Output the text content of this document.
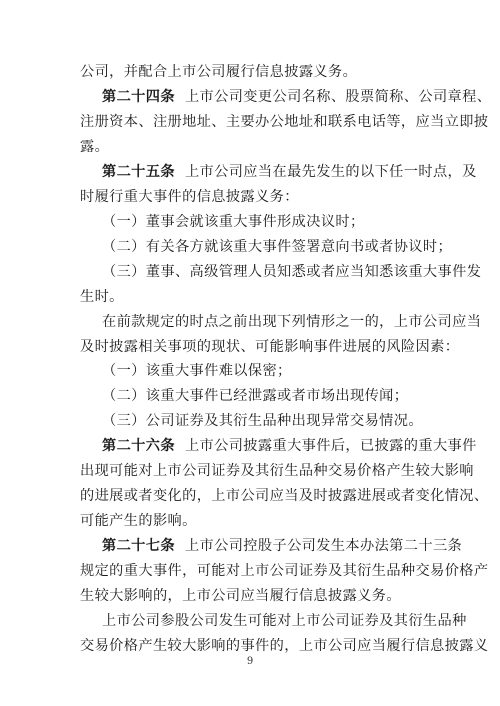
公司，并配合上市公司履行信息披露义务。
第二十四条 上市公司变更公司名称、股票简称、公司章程、
注册资本、注册地址、主要办公地址和联系电话等，应当立即披
露。
第二十五条 上市公司应当在最先发生的以下任一时点，及
时履行重大事件的信息披露义务：
（一）董事会就该重大事件形成决议时；
（二）有关各方就该重大事件签署意向书或者协议时；
（三）董事、高级管理人员知悉或者应当知悉该重大事件发
生时。
在前款规定的时点之前出现下列情形之一的，上市公司应当
及时披露相关事项的现状、可能影响事件进展的风险因素：
（一）该重大事件难以保密；
（二）该重大事件已经泄露或者市场出现传闻；
（三）公司证券及其衍生品种出现异常交易情况。
第二十六条 上市公司披露重大事件后，已披露的重大事件
出现可能对上市公司证券及其衍生品种交易价格产生较大影响
的进展或者变化的，上市公司应当及时披露进展或者变化情况、
可能产生的影响。
第二十七条 上市公司控股子公司发生本办法第二十三条
规定的重大事件，可能对上市公司证券及其衍生品种交易价格产
生较大影响的，上市公司应当履行信息披露义务。
上市公司参股公司发生可能对上市公司证券及其衍生品种
交易价格产生较大影响的事件的，上市公司应当履行信息披露义
9
